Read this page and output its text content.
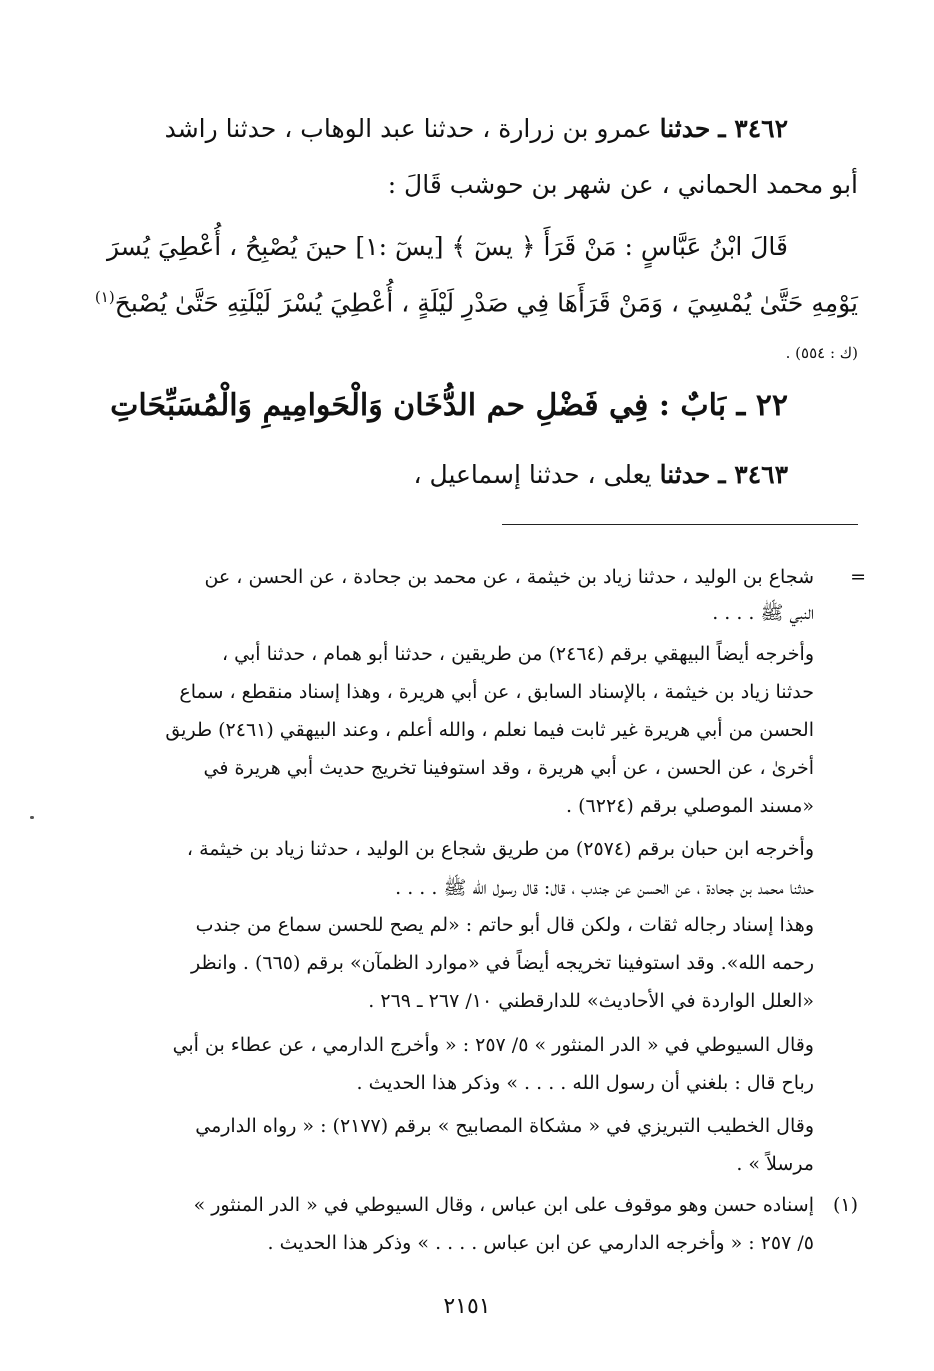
٣٤٦٢ ـ حدثنا عمرو بن زرارة ، حدثنا عبد الوهاب ، حدثنا راشد
أبو محمد الحماني ، عن شهر بن حوشب قَالَ :
قَالَ ابْنُ عَبَّاسٍ : مَنْ قَرَأَ ﴿ يسٓ ﴾ [يسٓ :١] حينَ يُصْبِحُ ، أُعْطِيَ يُسرَ
يَوْمِهِ حَتَّىٰ يُمْسِيَ ، وَمَنْ قَرَأَهَا فِي صَدْرِ لَيْلَةٍ ، أُعْطِيَ يُسْرَ لَيْلَتِهِ حَتَّىٰ يُصْبحَ$^{(١)}$
(ك : ٥٥٤) .
٢٢ ـ بَابٌ : فِي فَضْلِ حم الدُّخَان وَالْحَوامِيمِ وَالْمُسَبِّحَاتِ
٣٤٦٣ ـ حدثنا يعلى ، حدثنا إسماعيل ،
=
شجاع بن الوليد ، حدثنا زياد بن خيثمة ، عن محمد بن جحادة ، عن الحسن ، عن
النبي ﷺ . . . .
وأخرجه أيضاً البيهقي برقم (٢٤٦٤) من طريقين ، حدثنا أبو همام ، حدثنا أبي ،
حدثنا زياد بن خيثمة ، بالإسناد السابق ، عن أبي هريرة ، وهذا إسناد منقطع ، سماع
الحسن من أبي هريرة غير ثابت فيما نعلم ، والله أعلم ، وعند البيهقي (٢٤٦١) طريق
أخرىٰ ، عن الحسن ، عن أبي هريرة ، وقد استوفينا تخريج حديث أبي هريرة في
«مسند الموصلي برقم (٦٢٢٤) .
وأخرجه ابن حبان برقم (٢٥٧٤) من طريق شجاع بن الوليد ، حدثنا زياد بن خيثمة ،
حدثنا محمد بن جحادة ، عن الحسن عن جندب ، قال: قال رسول الله ﷺ . . . .
وهذا إسناد رجاله ثقات ، ولكن قال أبو حاتم : «لم يصح للحسن سماع من جندب
رحمه الله». وقد استوفينا تخريجه أيضاً في «موارد الظمآن» برقم (٦٦٥) . وانظر
«العلل الواردة في الأحاديث» للدارقطني ١٠/ ٢٦٧ ـ ٢٦٩ .
وقال السيوطي في « الدر المنثور » ٥/ ٢٥٧ : « وأخرج الدارمي ، عن عطاء بن أبي
رباح قال : بلغني أن رسول الله . . . . » وذكر هذا الحديث .
وقال الخطيب التبريزي في « مشكاة المصابيح » برقم (٢١٧٧) : « رواه الدارمي
مرسلاً » .
(١)
إسناده حسن وهو موقوف على ابن عباس ، وقال السيوطي في « الدر المنثور »
٥/ ٢٥٧ : « وأخرجه الدارمي عن ابن عباس . . . . » وذكر هذا الحديث .
٢١٥١
